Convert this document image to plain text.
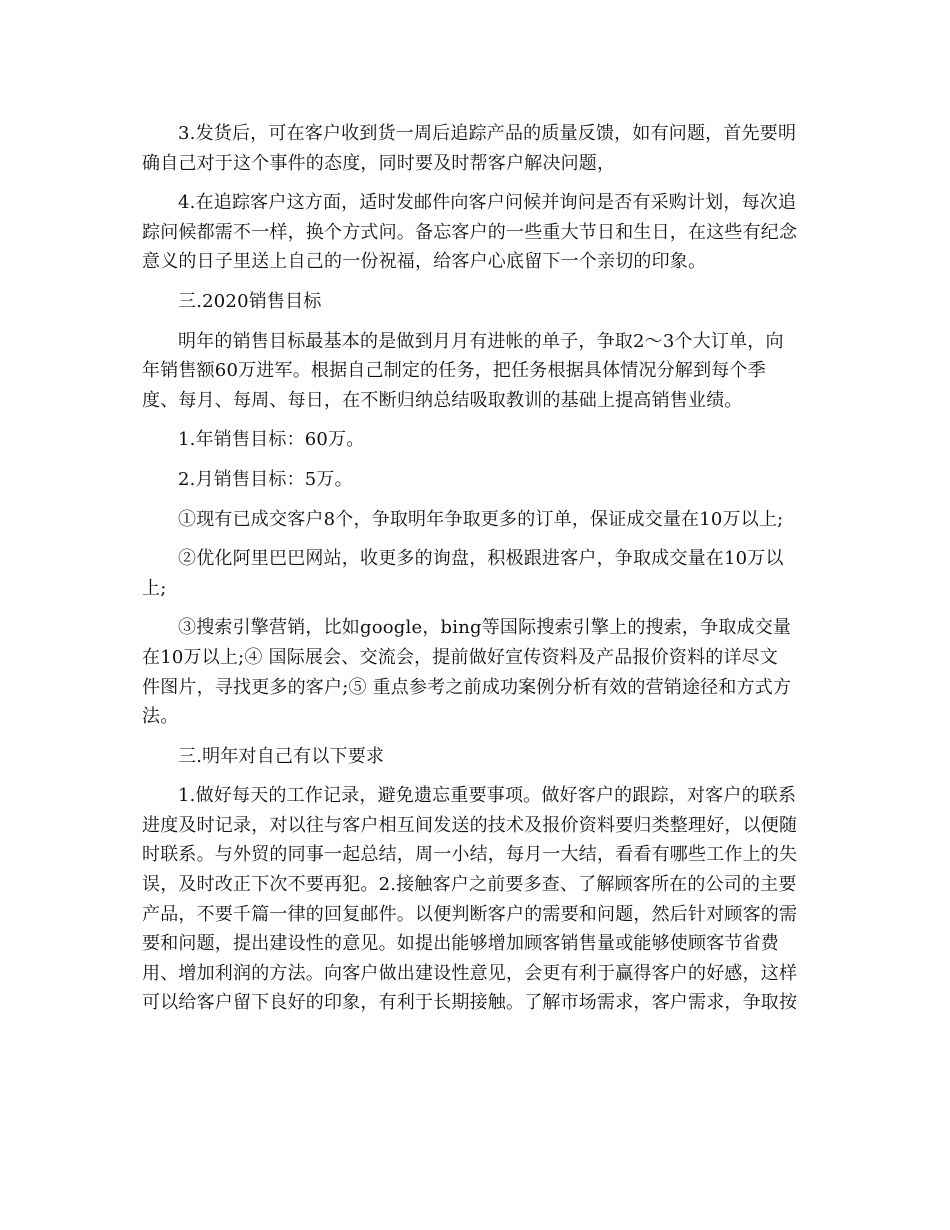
3.发货后，可在客户收到货一周后追踪产品的质量反馈，如有问题，首先要明
确自己对于这个事件的态度，同时要及时帮客户解决问题，

4.在追踪客户这方面，适时发邮件向客户问候并询问是否有采购计划，每次追
踪问候都需不一样，换个方式问。备忘客户的一些重大节日和生日，在这些有纪念
意义的日子里送上自己的一份祝福，给客户心底留下一个亲切的印象。

三.2020销售目标

明年的销售目标最基本的是做到月月有进帐的单子，争取2～3个大订单，向
年销售额60万进军。根据自己制定的任务，把任务根据具体情况分解到每个季
度、每月、每周、每日，在不断归纳总结吸取教训的基础上提高销售业绩。

1.年销售目标：60万。

2.月销售目标：5万。

①现有已成交客户8个，争取明年争取更多的订单，保证成交量在10万以上;

②优化阿里巴巴网站，收更多的询盘，积极跟进客户，争取成交量在10万以
上;

③搜索引擎营销，比如google，bing等国际搜索引擎上的搜索，争取成交量
在10万以上;④ 国际展会、交流会，提前做好宣传资料及产品报价资料的详尽文
件图片，寻找更多的客户;⑤ 重点参考之前成功案例分析有效的营销途径和方式方
法。

三.明年对自己有以下要求

1.做好每天的工作记录，避免遗忘重要事项。做好客户的跟踪，对客户的联系
进度及时记录，对以往与客户相互间发送的技术及报价资料要归类整理好，以便随
时联系。与外贸的同事一起总结，周一小结，每月一大结，看看有哪些工作上的失
误，及时改正下次不要再犯。2.接触客户之前要多查、了解顾客所在的公司的主要
产品，不要千篇一律的回复邮件。以便判断客户的需要和问题，然后针对顾客的需
要和问题，提出建设性的意见。如提出能够增加顾客销售量或能够使顾客节省费
用、增加利润的方法。向客户做出建设性意见，会更有利于赢得客户的好感，这样
可以给客户留下良好的印象，有利于长期接触。了解市场需求，客户需求，争取按
